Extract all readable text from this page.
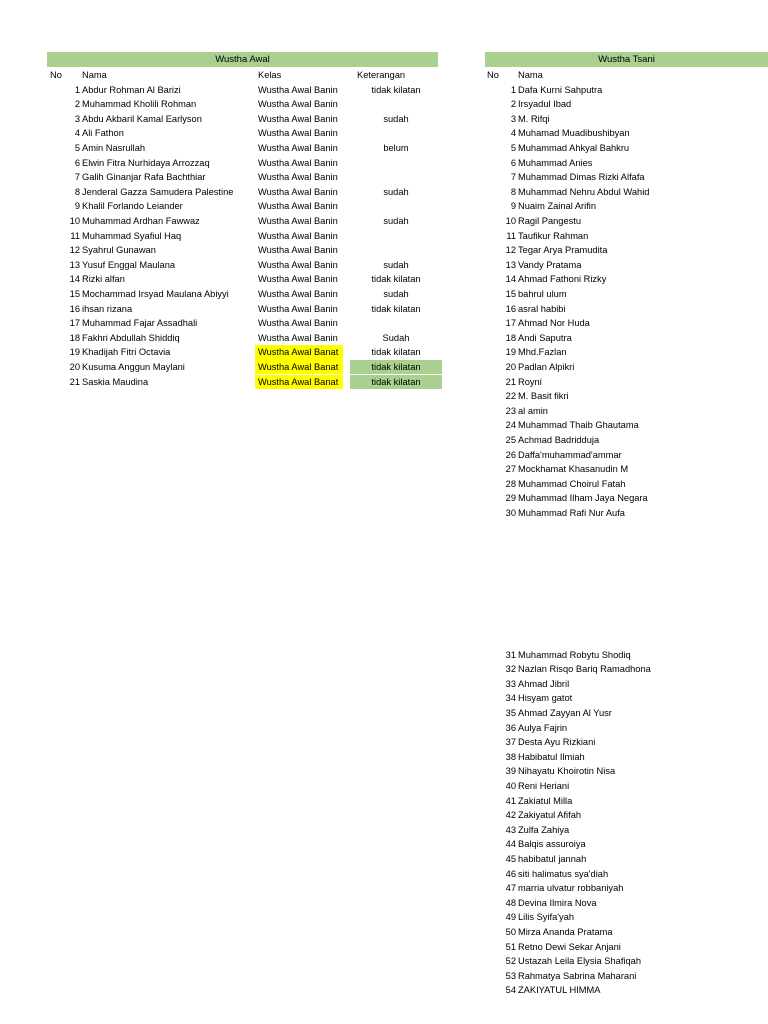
Wustha Awal
No Nama	Kelas	Keterangan
1 Abdur Rohman Al Barizi	Wustha Awal Banin	tidak kilatan
2 Muhammad Kholili Rohman	Wustha Awal Banin
3 Abdu Akbaril Kamal Earlyson	Wustha Awal Banin	sudah
4 Ali Fathon	Wustha Awal Banin
5 Amin Nasrullah	Wustha Awal Banin	belum
6 Elwin Fitra Nurhidaya Arrozzaq	Wustha Awal Banin
7 Galih Ginanjar Rafa Bachthiar	Wustha Awal Banin
8 Jenderal Gazza Samudera Palestine	Wustha Awal Banin	sudah
9 Khalil Forlando Leiander	Wustha Awal Banin
10 Muhammad Ardhan Fawwaz	Wustha Awal Banin	sudah
11 Muhammad Syafiul Haq	Wustha Awal Banin
12 Syahrul Gunawan	Wustha Awal Banin
13 Yusuf Enggal Maulana	Wustha Awal Banin	sudah
14 Rizki alfan	Wustha Awal Banin	tidak kilatan
15 Mochammad Irsyad Maulana Abiyyi	Wustha Awal Banin	sudah
16 ihsan rizana	Wustha Awal Banin	tidak kilatan
17 Muhammad Fajar Assadhali	Wustha Awal Banin
18 Fakhri Abdullah Shiddiq	Wustha Awal Banin	Sudah
19 Khadijah Fitri Octavia	Wustha Awal Banat	tidak kilatan
20 Kusuma Anggun Maylani	Wustha Awal Banat	tidak kilatan
21 Saskia Maudina	Wustha Awal Banat	tidak kilatan
Wustha Tsani
No Nama
1 Dafa Kurni Sahputra
2 Irsyadul Ibad
3 M. Rifqi
4 Muhamad Muadibushibyan
5 Muhammad Ahkyal Bahkru
6 Muhammad Anies
7 Muhammad Dimas Rizki Alfafa
8 Muhammad Nehru Abdul Wahid
9 Nuaim Zainal Arifin
10 Ragil Pangestu
11 Taufikur Rahman
12 Tegar Arya Pramudita
13 Vandy Pratama
14 Ahmad Fathoni Rizky
15 bahrul ulum
16 asral habibi
17 Ahmad Nor Huda
18 Andi Saputra
19 Mhd.Fazlan
20 Padlan Alpikri
21 Royni
22 M. Basit fikri
23 al amin
24 Muhammad Thaib Ghautama
25 Achmad Badridduja
26 Daffa'muhammad'ammar
27 Mockhamat Khasanudin M
28 Muhammad Choirul Fatah
29 Muhammad Ilham Jaya Negara
30 Muhammad Rafi Nur Aufa
31 Muhammad Robytu Shodiq
32 Nazlan Risqo Bariq Ramadhona
33 Ahmad Jibril
34 Hisyam gatot
35 Ahmad Zayyan Al Yusr
36 Aulya Fajrin
37 Desta Ayu Rizkiani
38 Habibatul Ilmiah
39 Nihayatu Khoirotin Nisa
40 Reni Heriani
41 Zakiatul Milla
42 Zakiyatul Afifah
43 Zulfa Zahiya
44 Balqis assuroiya
45 habibatul jannah
46 siti halimatus sya'diah
47 marria ulvatur robbaniyah
48 Devina Ilmira Nova
49 Lilis Syifa'yah
50 Mirza Ananda Pratama
51 Retno Dewi Sekar Anjani
52 Ustazah Leila Elysia Shafiqah
53 Rahmatya Sabrina Maharani
54 ZAKIYATUL HIMMA
